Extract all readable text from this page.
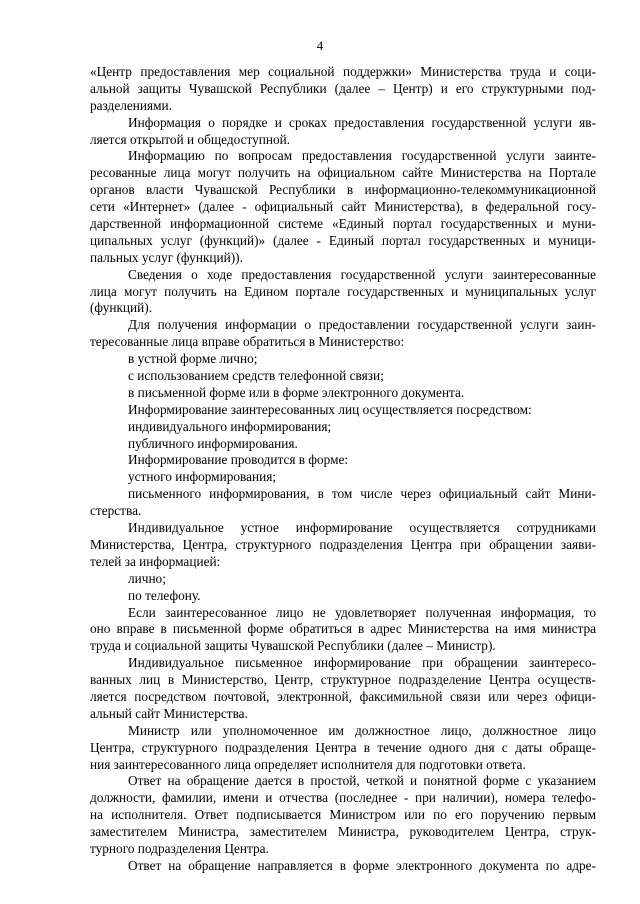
4
«Центр предоставления мер социальной поддержки» Министерства труда и соци-
альной защиты Чувашской Республики (далее – Центр) и его структурными под-
разделениями.
Информация о порядке и сроках предоставления государственной услуги яв-
ляется открытой и общедоступной.
Информацию по вопросам предоставления государственной услуги заинте-
ресованные лица могут получить на официальном сайте Министерства на Портале
органов власти Чувашской Республики в информационно-телекоммуникационной
сети «Интернет» (далее - официальный сайт Министерства), в федеральной госу-
дарственной информационной системе «Единый портал государственных и муни-
ципальных услуг (функций)» (далее - Единый портал государственных и муници-
пальных услуг (функций)).
Сведения о ходе предоставления государственной услуги заинтересованные
лица могут получить на Едином портале государственных и муниципальных услуг
(функций).
Для получения информации о предоставлении государственной услуги заин-
тересованные лица вправе обратиться в Министерство:
в устной форме лично;
с использованием средств телефонной связи;
в письменной форме или в форме электронного документа.
Информирование заинтересованных лиц осуществляется посредством:
индивидуального информирования;
публичного информирования.
Информирование проводится в форме:
устного информирования;
письменного информирования, в том числе через официальный сайт Мини-
стерства.
Индивидуальное устное информирование осуществляется сотрудниками
Министерства, Центра, структурного подразделения Центра при обращении заяви-
телей за информацией:
лично;
по телефону.
Если заинтересованное лицо не удовлетворяет полученная информация, то
оно вправе в письменной форме обратиться в адрес Министерства на имя министра
труда и социальной защиты Чувашской Республики (далее – Министр).
Индивидуальное письменное информирование при обращении заинтересо-
ванных лиц в Министерство, Центр, структурное подразделение Центра осуществ-
ляется посредством почтовой, электронной, факсимильной связи или через офици-
альный сайт Министерства.
Министр или уполномоченное им должностное лицо, должностное лицо
Центра, структурного подразделения Центра в течение одного дня с даты обраще-
ния заинтересованного лица определяет исполнителя для подготовки ответа.
Ответ на обращение дается в простой, четкой и понятной форме с указанием
должности, фамилии, имени и отчества (последнее - при наличии), номера телефо-
на исполнителя. Ответ подписывается Министром или по его поручению первым
заместителем Министра, заместителем Министра, руководителем Центра, струк-
турного подразделения Центра.
Ответ на обращение направляется в форме электронного документа по адре-
